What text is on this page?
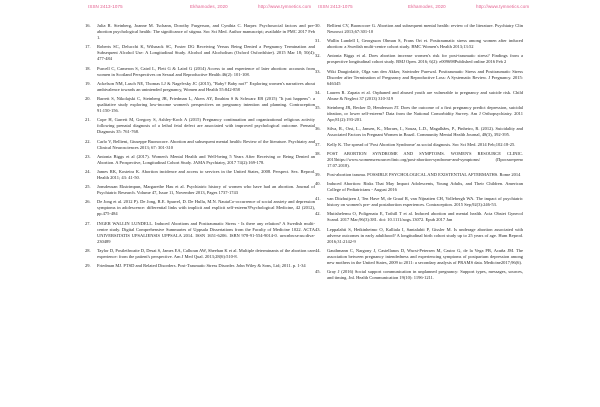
ISSN 2413-1075	Ekhamodes, 2020	http://www.tymnetics.com ISSN 2413-1075	Ekhamodes, 2020	http://www.tymnetics.com
16. Julia R. Steinberg, Joanne M. Tschann, Dorothy Furgerson, and Cynthia C. Harper. Psychosocial factors and pre-abortion psychological health: The significance of stigma. Soc Sci Med. Author manuscript; available in PMC 2017 Feb 1.
17. Roberts SC, Delucchi K, Wilsnack SC, Foster DG Receiving Versus Being Denied a Pregnancy Termination and Subsequent Alcohol Use: A Longitudinal Study. Alcohol and Alcoholism (Oxford Oxfordshire). 2015 Mar 18; 50(4): 477-484
18. Purcell C, Cameron S, Caird L, Flett G & Laird G (2014) Access to and experience of later abortion: accounts from women in Scotland Perspectives on Sexual and Reproductive Health 46(2): 101-108.
19. Ackelson NM, Lasch NE, Thomas LJ & Nagelvsky JC (2015), "Baby? Baby not?" Exploring women's narratives about ambivalence towards an unintended pregnancy, Women and Health 55:842-858
20. Barrett S, Nikolajski C, Steinberg JR, Friedman L, Akers AY, Ibrahim S & Schwarz EB (2015) "It just happens": a qualitative study exploring low-income women's perspectives on pregnancy intention and planning. Contraception 91:150-156.
21. Cope H, Garrett M, Gregory S, Ashley-Koch A (2015) Pregnancy continuation and organizational religious activity following prenatal diagnosis of a lethal fetal defect are associated with improved psychological outcome. Prenatal Diagnosis 35: 761-768.
22. Carlo V, Bellieni, Giuseppe Buonocore. Abortion and subsequent mental health: Review of the literature. Psychiatry and Clinical Neurosciences 2013; 67: 301-310
23. Antonia Biggs et al (2017). Women's Mental Health and Well-being 5 Years After Receiving or Being Denied an Abortion. A Prospective, Longitudinal Cohort Study. JAMA Psychiatry, 2017 74(2):169-178.
24. James RK, Kosteira K. Abortion incidence and access to services in the United States, 2008. Perspect. Sex. Reprod. Health 2011; 43: 41-50.
25. Jonsdeusan Ekstrimpun, Margarethe Hau et al. Psychiatric history of women who have had an abortion. Journal of Psychiatric Research. Volume 47, Issue 11, November 2013, Pages 1737-1743
26. De Jong et al. 2012 P). De Jong, R.E. Spurrel, D. De Hullu, M.N. NautaCo-occurrence of social anxiety and depression symptoms in adolescence: differential links with implicit and explicit self-esteem?Psychological Medicine, 42 (2012), pp.475-484
27. INGER WALLIN LUNDELL. Induced Abortions and Posttraumatic Stress - Is there any relation? A Swedish multi-centre study. Digital Comprehensive Summaries of Uppsala Dissertations from the Faculty of Medicine 1022. ACTA UNIVERSITATIS UPSALIENSIS UPPSALA 2014. ISSN 1651-6206. ISBN 978-91-554-9014-0. urn:nbn:se:uu:diva-230489
28. Taylor D, Postlethwaite D, Desai S, James EA, Calhoun AW, Sheehan K et al. Multiple determinants of the abortion care experience: from the patient's perspective. Am J Med Qual. 2013;28(6):510-8.
29. Friedman MJ. PTSD and Related Disorders. Post-Traumatic Stress Disorder. John Wiley & Sons, Ltd; 2011. p. 1-34
30. Bellieni CV, Buonocore G. Abortion and subsequent mental health: review of the literature. Psychiatry Clin Neurosci 2013;67:301-10
31. Wallin Lundell I, Georgsson Ohman S, Frans Ort et. Posttraumatic stress among women after induced abortion: a Swedish multi-centre cohort study. BMC Women's Health 2013;13:52
32. Antonia Biggs et al. Does abortion increase women's risk for post-traumatic stress? Findings from a prospective longitudinal cohort study. BMJ Open. 2016; 6(2): e009698Published online 2016 Feb 2
33. Wiki Daugirdaitė, Olga van den Akker, Satvinder Purewal. Posttraumatic Stress and Posttraumatic Stress Disorder after Termination of Pregnancy and Reproductive Loss: A Systematic Review. J Pregnancy. 2015: 646345
34. Lauren R. Zapata et al. Orphaned and abused youth are vulnerable to pregnancy and suicide risk. Child Abuse & Neglect 37 (2013) 310-319
35. Steinberg JR, Becker D, Henderson JT. Does the outcome of a first pregnancy predict depression, suicidal ideation, or lower self-esteem? Data from the National Comorbidity Survey. Am J Orthopsychiatry. 2011 Apr;81(2):193-201.
36. Silva, R., Orsi, L., Jansen, K., Moraes, I., Souza, L.D., Magalhães, P., Pinheiro, R. (2012). Suicidality and Associated Factors in Pregnant Women in Brazil. Community Mental Health Journal, 48(3), 392-395.
37. Kelly K. The spread of 'Post Abortion Syndrome' as social diagnosis. Soc Sci Med. 2014 Feb;102:18-25.
38. POST ABORTION SYNDROME AND SYMPTOMS. WOMEN'S RESOURCE CLINIC. 2015https://www.womensresourceclinic.org/post-abortion-syndrome-and-symptoms/ (Просмотрено 17.07.2018).
39. Post-abortion trauma. POSSIBLE PSYCHOLOGICAL AND EXISTENTIAL AFTERMATHS. Rome 2014
40. Induced Abortion: Risks That May Impact Adolescents, Young Adults, and Their Children. American College of Pediatricians - August 2016
41. van Ditzhuijzen J, Ten Have M, de Graaf R, van Nijnatten CH, Vollebergh WA. The impact of psychiatric history on women's pre- and postabortion experiences. Contraception. 2015 Sep;92(3):246-53.
42. Mutishelemu O, Poligenatu E, Tothill T et al. Induced abortion and mental health. Acta Obstet Gynecol Scand. 2017 Mar;96(3):381. doi: 10.1111/aogs.13072. Epub 2017 Jan
43. Leppalahti S, Heikinheimo O, Kalliala I, Santalahti P, Gissler M. Is underage abortion associated with adverse outcomes in early adulthood? A longitudinal birth cohort study up to 25 years of age. Hum Reprod. 2016;31:2142-9
44. Gauthmann C, Nargony J, Castellanos D, Wurst-Petersen M, Castro G, de la Vega PB, Acuña JM. The association between pregnancy intendedness and experiencing symptoms of postpartum depression among new mothers in the United States, 2009 to 2011: a secondary analysis of PRAMS data. Medicine2017;96(6).
45. Gray J (2016) Social support communication in unplanned pregnancy: Support types, messages, sources, and timing. Jnl. Health Communication 19(10): 1196-1211.
